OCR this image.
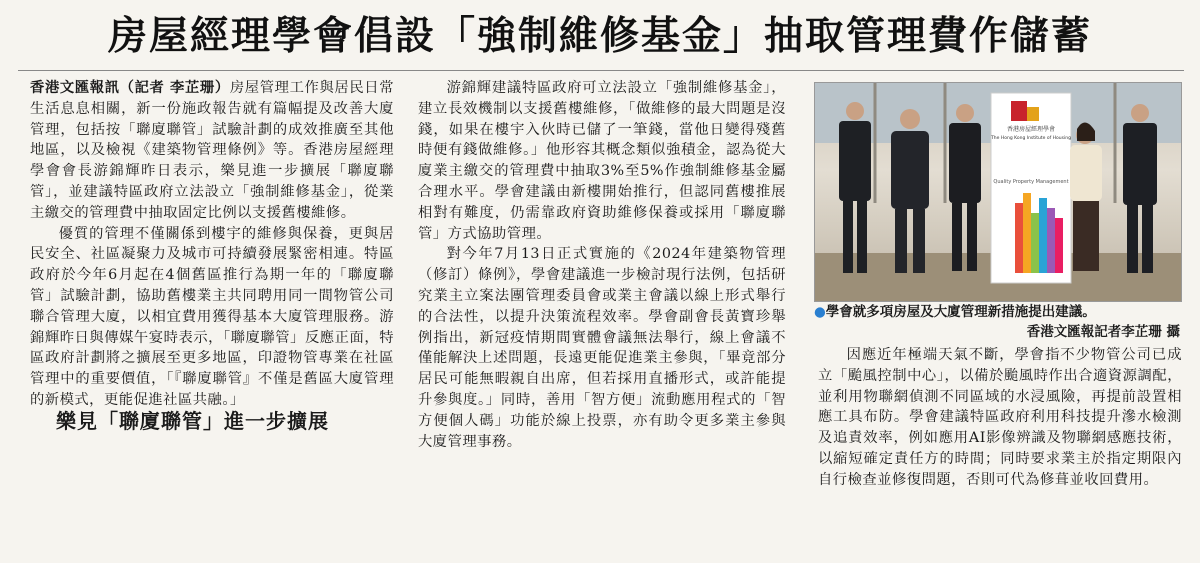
房屋經理學會倡設「強制維修基金」抽取管理費作儲蓄

香港文匯報訊（記者 李芷珊）房屋管理工作與居民日常生活息息相關，新一份施政報告就有篇幅提及改善大廈管理，包括按「聯廈聯管」試驗計劃的成效推廣至其他地區，以及檢視《建築物管理條例》等。香港房屋經理學會會長游錦輝昨日表示，樂見進一步擴展「聯廈聯管」，並建議特區政府立法設立「強制維修基金」，從業主繳交的管理費中抽取固定比例以支援舊樓維修。

優質的管理不僅關係到樓宇的維修與保養，更與居民安全、社區凝聚力及城市可持續發展緊密相連。特區政府於今年6月起在4個舊區推行為期一年的「聯廈聯管」試驗計劃，協助舊樓業主共同聘用同一間物管公司聯合管理大廈，以相宜費用獲得基本大廈管理服務。游錦輝昨日與傳媒午宴時表示，「聯廈聯管」反應正面，特區政府計劃將之擴展至更多地區，印證物管專業在社區管理中的重要價值，「『聯廈聯管』不僅是舊區大廈管理的新模式，更能促進社區共融。」

樂見「聯廈聯管」進一步擴展

游錦輝建議特區政府可立法設立「強制維修基金」，建立長效機制以支援舊樓維修，「做維修的最大問題是沒錢，如果在樓宇入伙時已儲了一筆錢，當他日變得殘舊時便有錢做維修。」他形容其概念類似強積金，認為從大廈業主繳交的管理費中抽取3%至5%作強制維修基金屬合理水平。學會建議由新樓開始推行，但認同舊樓推展相對有難度，仍需靠政府資助維修保養或採用「聯廈聯管」方式協助管理。

對今年7月13日正式實施的《2024年建築物管理（修訂）條例》，學會建議進一步檢討現行法例，包括研究業主立案法團管理委員會或業主會議以線上形式舉行的合法性，以提升決策流程效率。學會副會長黃寶珍舉例指出，新冠疫情期間實體會議無法舉行，線上會議不僅能解決上述問題，長遠更能促進業主參與，「畢竟部分居民可能無暇親自出席，但若採用直播形式，或許能提升參與度。」同時，善用「智方便」流動應用程式的「智方便個人碼」功能於線上投票，亦有助令更多業主參與大廈管理事務。

香港房屋經理學會
The Hong Kong Institute of Housing
Quality Property Management
●學會就多項房屋及大廈管理新措施提出建議。
香港文匯報記者李芷珊 攝

因應近年極端天氣不斷，學會指不少物管公司已成立「颱風控制中心」，以備於颱風時作出合適資源調配，並利用物聯網偵測不同區域的水浸風險，再提前設置相應工具布防。學會建議特區政府利用科技提升滲水檢測及追責效率，例如應用AI影像辨識及物聯網感應技術，以縮短確定責任方的時間；同時要求業主於指定期限內自行檢查並修復問題，否則可代為修葺並收回費用。
